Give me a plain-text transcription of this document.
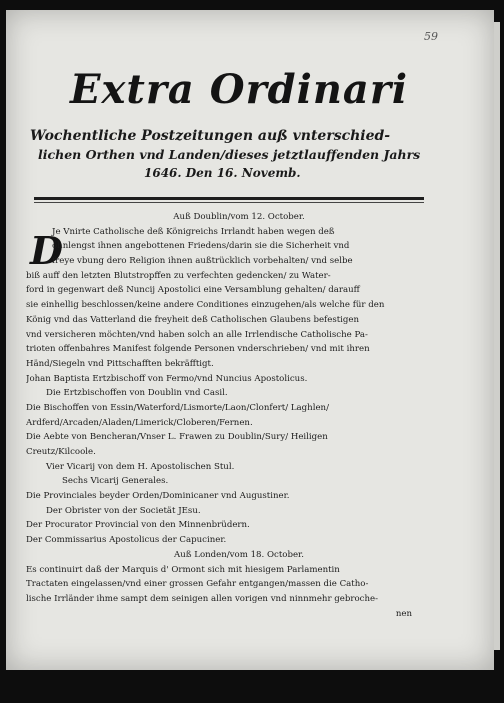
59
Extra Ordinari
Wochentliche Postzeitungen auß vnterschied-
lichen Orthen vnd Landen/dieses jetztlauffenden Jahrs
1646. Den 16. Novemb.
D
Auß Doublin/vom 12. October.
Je Vnirte Catholische deß Königreichs Irrlandt haben wegen deß
öhnlengst ihnen angebottenen Friedens/darin sie die Sicherheit vnd
freye vbung dero Religion ihnen außtrücklich vorbehalten/ vnd selbe
biß auff den letzten Blutstropffen zu verfechten gedencken/ zu Water-
ford in gegenwart deß Nuncij Apostolici eine Versamblung gehalten/ darauff
sie einhellig beschlossen/keine andere Conditiones einzugehen/als welche für den
König vnd das Vatterland die freyheit deß Catholischen Glaubens befestigen
vnd versicheren möchten/vnd haben solch an alle Irrlendische Catholische Pa-
trioten offenbahres Manifest folgende Personen vnderschrieben/ vnd mit ihren
Händ/Siegeln vnd Pittschafften bekräfftigt.
Johan Baptista Ertzbischoff von Fermo/vnd Nuncius Apostolicus.
Die Ertzbischoffen von Doublin vnd Casil.
Die Bischoffen von Essin/Waterford/Lismorte/Laon/Clonfert/ Laghlen/
Ardferd/Arcaden/Aladen/Limerick/Cloberen/Fernen.
Die Aebte von Bencheran/Vnser L. Frawen zu Doublin/Sury/ Heiligen
Creutz/Kilcoole.
Vier Vicarij von dem H. Apostolischen Stul.
Sechs Vicarij Generales.
Die Provinciales beyder Orden/Dominicaner vnd Augustiner.
Der Obrister von der Societät JEsu.
Der Procurator Provincial von den Minnenbrüdern.
Der Commissarius Apostolicus der Capuciner.
Auß Londen/vom 18. October.
Es continuirt daß der Marquis d' Ormont sich mit hiesigem Parlamentin
Tractaten eingelassen/vnd einer grossen Gefahr entgangen/massen die Catho-
lische Irrländer ihme sampt dem seinigen allen vorigen vnd ninnmehr gebroche-
nen
